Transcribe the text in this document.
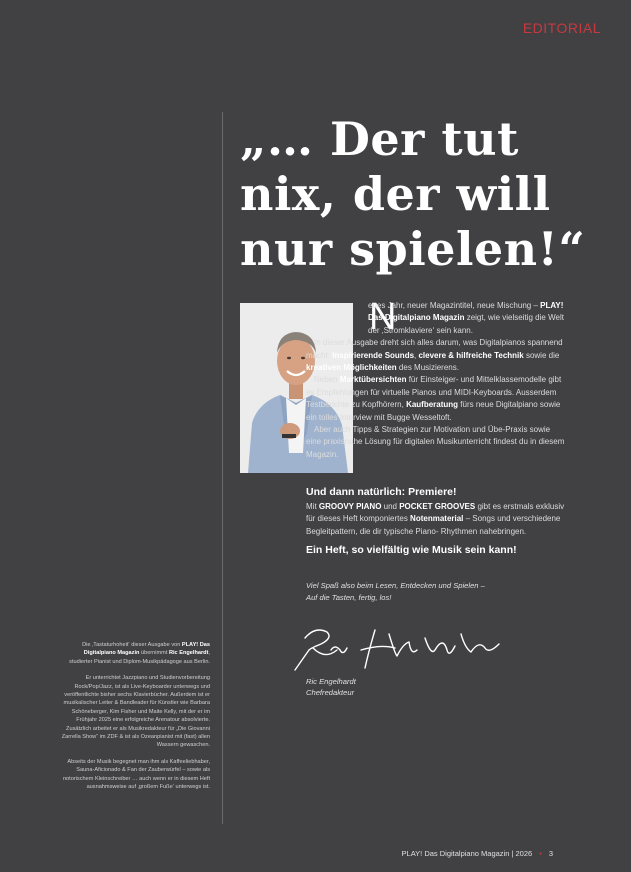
EDITORIAL
„… Der tut
nix, der will
nur spielen!“
N

eues Jahr, neuer Magazintitel, neue Mischung – PLAY! Das Digitalpiano Magazin zeigt, wie vielseitig die Welt der ‚Stromklaviere‘ sein kann.

In dieser Ausgabe dreht sich alles darum, was Digitalpianos spannend macht: Inspirierende Sounds, clevere & hilfreiche Technik sowie die kreativen Möglichkeiten des Musizierens.

Neben Marktübersichten für Einsteiger- und Mittelklassemodelle gibt es Empfehlungen für virtuelle Pianos und MIDI-Keyboards. Ausserdem Testberichte zu Kopfhörern, Kaufberatung fürs neue Digitalpiano sowie ein tolles Interview mit Bugge Wesseltoft.

Aber auch Tipps & Strategien zur Motivation und Übe-Praxis sowie eine praxisnahe Lösung für digitalen Musikunterricht findest du in diesem Magazin.

Und dann natürlich: Premiere!

Mit GROOVY PIANO und POCKET GROOVES gibt es erstmals exklusiv für dieses Heft komponiertes Notenmaterial – Songs und verschiedene Begleitpattern, die dir typische Piano- Rhythmen nahebringen.

Ein Heft, so vielfältig wie Musik sein kann!

Viel Spaß also beim Lesen, Entdecken und Spielen –
Auf die Tasten, fertig, los!

Ric Engelhardt
Chefredakteur

Die ‚Tastaturhoheit‘ dieser Ausgabe von PLAY! Das Digitalpiano Magazin übernimmt Ric Engelhardt, studierter Pianist und Diplom-Musikpädagoge aus Berlin.

Er unterrichtet Jazzpiano und Studienvorbereitung Rock/Pop/Jazz, ist als Live-Keyboarder unterwegs und veröffentlichte bisher sechs Klavierbücher. Außerdem ist er musikalischer Leiter & Bandleader für Künstler wie Barbara Schöneberger, Kim Fisher und Maite Kelly, mit der er im Frühjahr 2025 eine erfolgreiche Arenatour absolvierte. Zusätzlich arbeitet er als Musikredakteur für „Die Giovanni Zarrella Show“ im ZDF & ist als Ozeanpianist mit (fast) allen Wassern gewaschen.

Abseits der Musik begegnet man ihm als Kaffeeliebhaber, Sauna-Aficionado & Fan der Zauberwürfel – sowie als notorischem Kleinschreiber … auch wenn er in diesem Heft ausnahmsweise auf ‚großem Fuße‘ unterwegs ist.

PLAY! Das Digitalpiano Magazin | 2026 • 3
